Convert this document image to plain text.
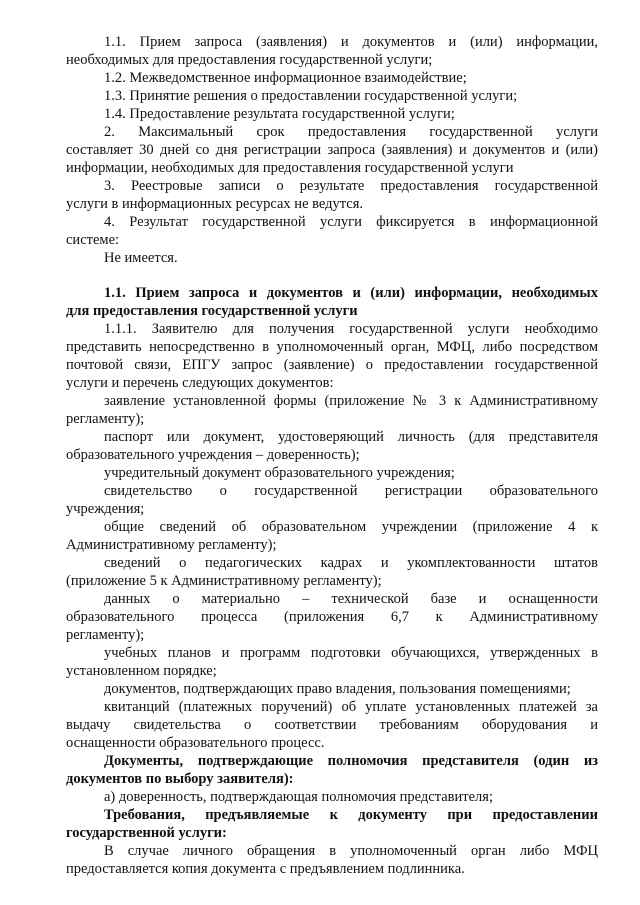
1.1. Прием запроса (заявления) и документов и (или) информации,
необходимых для предоставления государственной услуги;
1.2. Межведомственное информационное взаимодействие;
1.3. Принятие решения о предоставлении государственной услуги;
1.4. Предоставление результата государственной услуги;
2. Максимальный срок предоставления государственной услуги
составляет 30 дней со дня регистрации запроса (заявления) и документов и (или)
информации, необходимых для предоставления государственной услуги
3. Реестровые записи о результате предоставления государственной
услуги в информационных ресурсах не ведутся.
4. Результат государственной услуги фиксируется в информационной
системе:
Не имеется.
1.1. Прием запроса и документов и (или) информации, необходимых
для предоставления государственной услуги
1.1.1. Заявителю для получения государственной услуги необходимо
представить непосредственно в уполномоченный орган, МФЦ, либо посредством
почтовой связи, ЕПГУ запрос (заявление) о предоставлении государственной
услуги и перечень следующих документов:
заявление установленной формы (приложение № 3 к Административному
регламенту);
паспорт или документ, удостоверяющий личность (для представителя
образовательного учреждения – доверенность);
учредительный документ образовательного учреждения;
свидетельство о государственной регистрации образовательного
учреждения;
общие сведений об образовательном учреждении (приложение 4 к
Административному регламенту);
сведений о педагогических кадрах и укомплектованности штатов
(приложение 5 к Административному регламенту);
данных о материально – технической базе и оснащенности
образовательного процесса (приложения 6,7 к Административному
регламенту);
учебных планов и программ подготовки обучающихся, утвержденных в
установленном порядке;
документов, подтверждающих право владения, пользования помещениями;
квитанций (платежных поручений) об уплате установленных платежей за
выдачу свидетельства о соответствии требованиям оборудования и
оснащенности образовательного процесс.
Документы, подтверждающие полномочия представителя (один из
документов по выбору заявителя):
а) доверенность, подтверждающая полномочия представителя;
Требования, предъявляемые к документу при предоставлении
государственной услуги:
В случае личного обращения в уполномоченный орган либо МФЦ
предоставляется копия документа с предъявлением подлинника.
